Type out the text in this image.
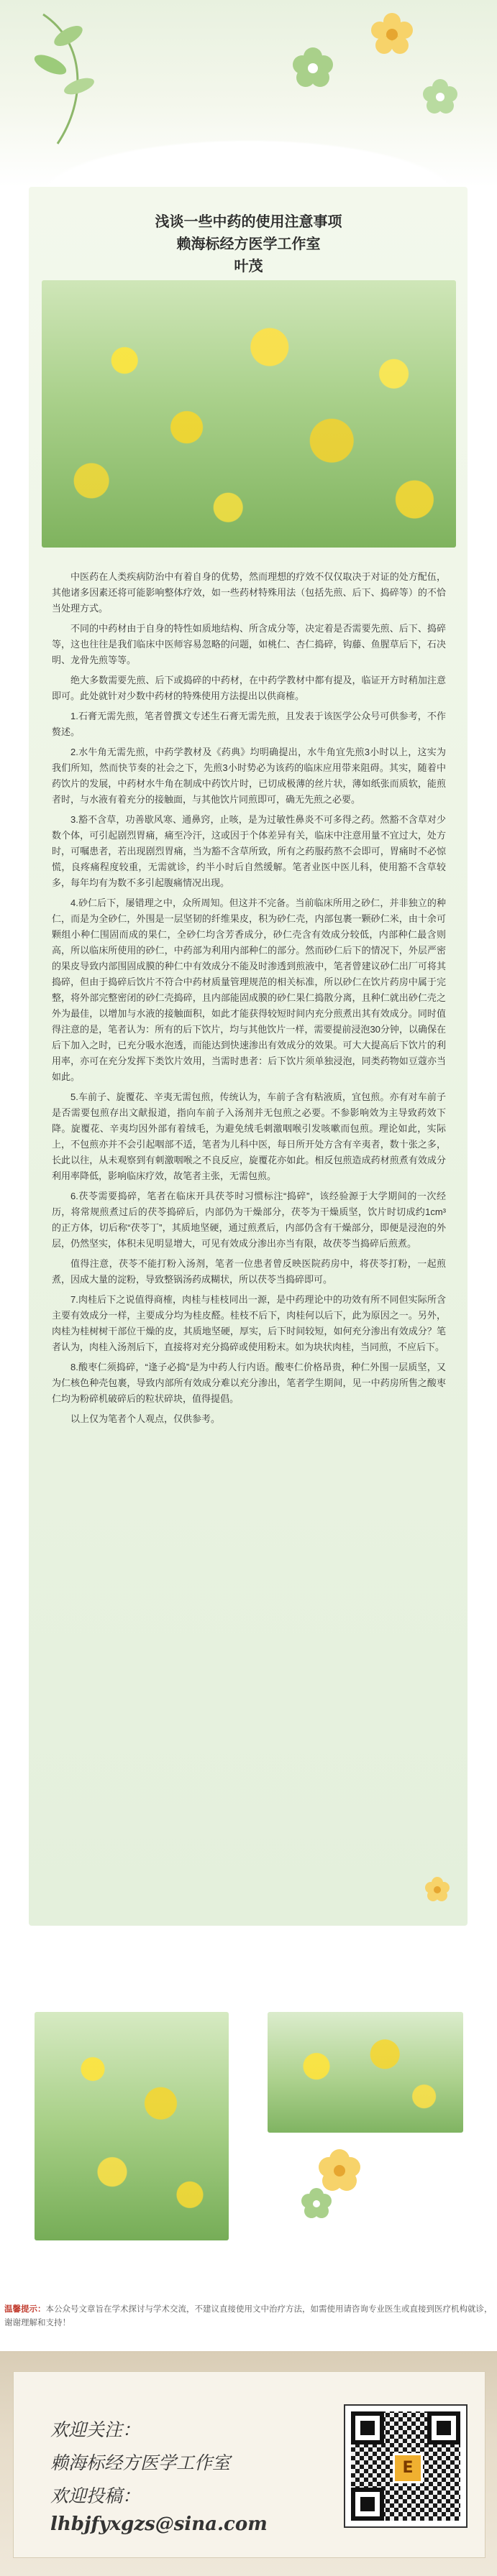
浅谈一些中药的使用注意事项
赖海标经方医学工作室
叶茂

中医药在人类疾病防治中有着自身的优势，然而理想的疗效不仅仅取决于对证的处方配伍，其他诸多因素还将可能影响整体疗效，如一些药材特殊用法（包括先煎、后下、捣碎等）的不恰当处理方式。

不同的中药材由于自身的特性如质地结构、所含成分等，决定着是否需要先煎、后下、捣碎等，这也往往是我们临床中医师容易忽略的问题，如桃仁、杏仁捣碎，钩藤、鱼腥草后下，石决明、龙骨先煎等等。

绝大多数需要先煎、后下或捣碎的中药材，在中药学教材中都有提及，临证开方时稍加注意即可。此处就针对少数中药材的特殊使用方法提出以供商榷。

1.石膏无需先煎，笔者曾撰文专述生石膏无需先煎，且发表于该医学公众号可供参考，不作赘述。

2.水牛角无需先煎，中药学教材及《药典》均明确提出，水牛角宜先煎3小时以上，这实为我们所知，然而快节奏的社会之下，先煎3小时势必为该药的临床应用带来阻碍。其实，随着中药饮片的发展，中药材水牛角在制成中药饮片时，已切成极薄的丝片状，薄如纸张而质软，能煎者时，与水液有着充分的接触面，与其他饮片同煎即可，确无先煎之必要。

3.豁不含草，功善歇风寒、通鼻窍，止咳，是为过敏性鼻炎不可多得之药。然豁不含草对少数个体，可引起剧烈胃痛，痛至冷汗，这或因于个体差异有关，临床中注意用量不宜过大，处方时，可嘱患者，若出现剧烈胃痛，当为豁不含草所致，所有之药服药熬不会即可，胃痛时不必惊慌，良疼痛程度较重，无需就诊，约半小时后自然缓解。笔者业医中医儿科，使用豁不含草较多，每年均有为数不多引起腹痛情况出现。

4.砂仁后下，屡错理之中，众所周知。但这并不完备。当前临床所用之砂仁，并非独立的种仁，而是为全砂仁，外围是一层坚韧的纤维果皮，积为砂仁壳，内部包裹一颗砂仁米，由十余可颗组小种仁围固而成的果仁，全砂仁均含芳香成分，砂仁壳含有效成分较低，内部种仁最含则高，所以临床所使用的砂仁，中药部为利用内部种仁的部分。然而砂仁后下的情况下，外层严密的果皮导致内部围固成膜的种仁中有效成分不能及时渗透到煎液中，笔者曾建议砂仁出厂可将其捣碎，但由于捣碎后饮片不符合中药材质量管理规范的相关标准，所以砂仁在饮片药房中属于完整，将外部完整密闭的砂仁壳捣碎，且内部能固成膜的砂仁果仁捣散分离，且种仁就出砂仁壳之外为最佳，以增加与水液的接触面积，如此才能获得较短时间内充分煎煮出其有效成分。同时值得注意的是，笔者认为：所有的后下饮片，均与其他饮片一样，需要提前浸泡30分钟，以确保在后下加入之时，已充分吸水泡透，而能达到快速渗出有效成分的效果。可大大提高后下饮片的利用率，亦可在充分发挥下类饮片效用，当需时患者：后下饮片须单独浸泡，同类药物如豆蔻亦当如此。

5.车前子、旋覆花、辛夷无需包煎，传统认为，车前子含有粘液质，宜包煎。亦有对车前子是否需要包煎存出文献报道，指向车前子入汤剂并无包煎之必要。不参影响效为主导致药效下降。旋覆花、辛夷均因外部有着绒毛，为避免绒毛刺激咽喉引发咳嗽而包煎。理论如此，实际上，不包煎亦并不会引起咽部不适，笔者为儿科中医，每日所开处方含有辛夷者，数十张之多，长此以往，从未观察到有刺激咽喉之不良反应，旋覆花亦如此。相反包煎造成药材煎煮有效成分利用率降低，影响临床疗效，故笔者主张，无需包煎。

6.茯苓需要捣碎，笔者在临床开具茯苓时习惯标注“捣碎”，该经验源于大学期间的一次经历，将常规煎煮过后的茯苓捣碎后，内部仍为干燥部分，茯苓为干燥质坚，饮片时切成约1cm³的正方体，切后称“茯苓丁”，其质地坚硬，通过煎煮后，内部仍含有干燥部分，即便是浸泡的外层，仍然坚实，体积未见明显增大，可见有效成分渗出亦当有限，故茯苓当捣碎后煎煮。

值得注意，茯苓不能打粉入汤剂，笔者一位患者曾反映医院药房中，将茯苓打粉，一起煎煮，因成大量的淀粉，导致整锅汤药成糊状，所以茯苓当捣碎即可。

7.肉桂后下之说值得商榷，肉桂与桂枝同出一源，是中药理论中的功效有所不同但实际所含主要有效成分一样，主要成分均为桂皮醛。桂枝不后下，肉桂何以后下，此为原因之一。另外，肉桂为桂树树干部位干燥的皮，其质地坚硬，厚实，后下时间较短，如何充分渗出有效成分？笔者认为，肉桂入汤剂后下，直接将对充分捣碎或使用粉末。如为块状肉桂，当同煎，不应后下。

8.酸枣仁须捣碎，“逢子必捣”是为中药人行内语。酸枣仁价格昂贵，种仁外围一层质坚，又为仁核色种壳包裹，导致内部所有效成分难以充分渗出，笔者学生期间，见一中药房所售之酸枣仁均为粉碎机破碎后的粒状碎块，值得提倡。

以上仅为笔者个人观点，仅供参考。

温馨提示：本公众号文章旨在学术探讨与学术交流，不建议直接使用文中治疗方法，如需使用请咨询专业医生或直接到医疗机构就诊，谢谢理解和支持！
欢迎关注：
赖海标经方医学工作室
欢迎投稿：
lhbjfyxgzs@sina.com
E
